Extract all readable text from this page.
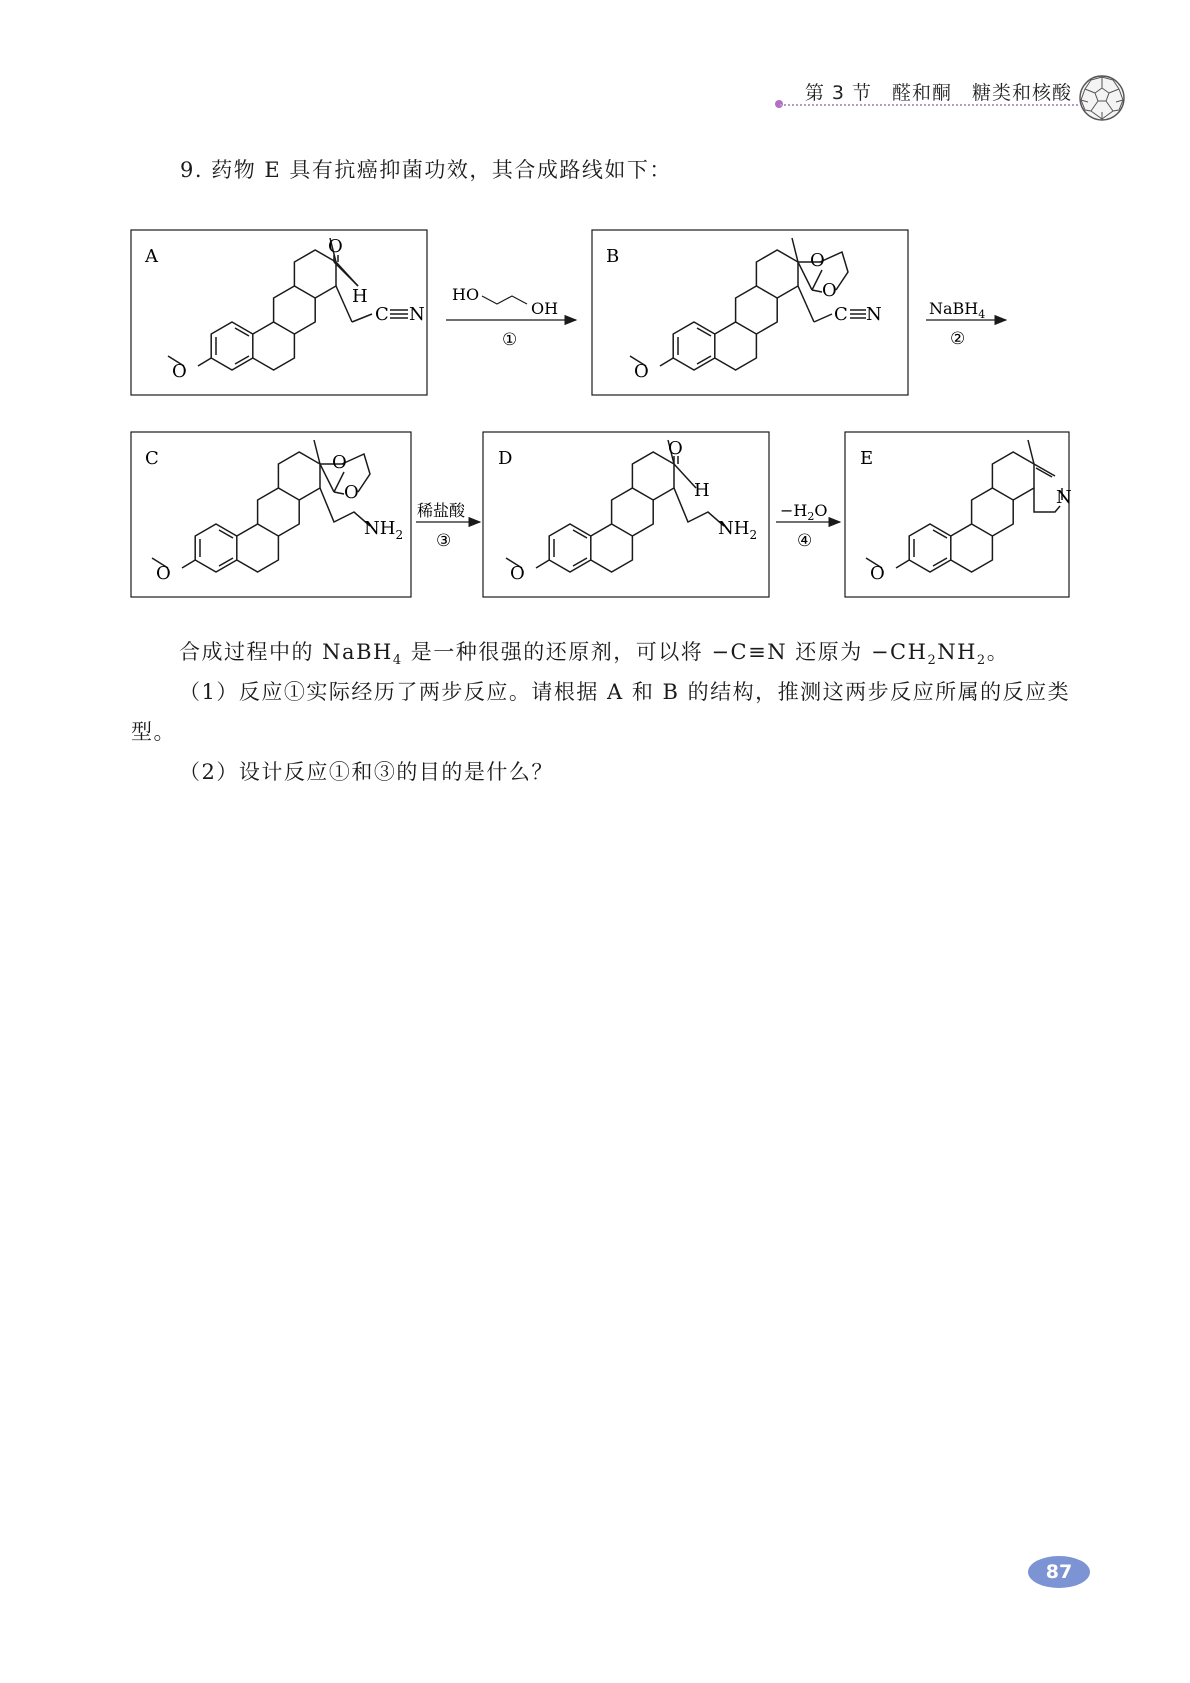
第 3 节　醛和酮　糖类和核酸
9. 药物 E 具有抗癌抑菌功效，其合成路线如下：
A	O
H
C N
O
HO
OH
①
B	O
O
C N
O
NaBH$_4$
②
C	O
O
$NH_2$
O
稀盐酸
③
D	O
H
$NH_2$
O
$-H_2O$
④
E
N
O
合成过程中的 NaBH$_4$ 是一种很强的还原剂，可以将 −C≡N 还原为 $-CH_2NH_2$。
（1）反应①实际经历了两步反应。请根据 A 和 B 的结构，推测这两步反应所属的反应类型。
（2）设计反应①和③的目的是什么？
87
